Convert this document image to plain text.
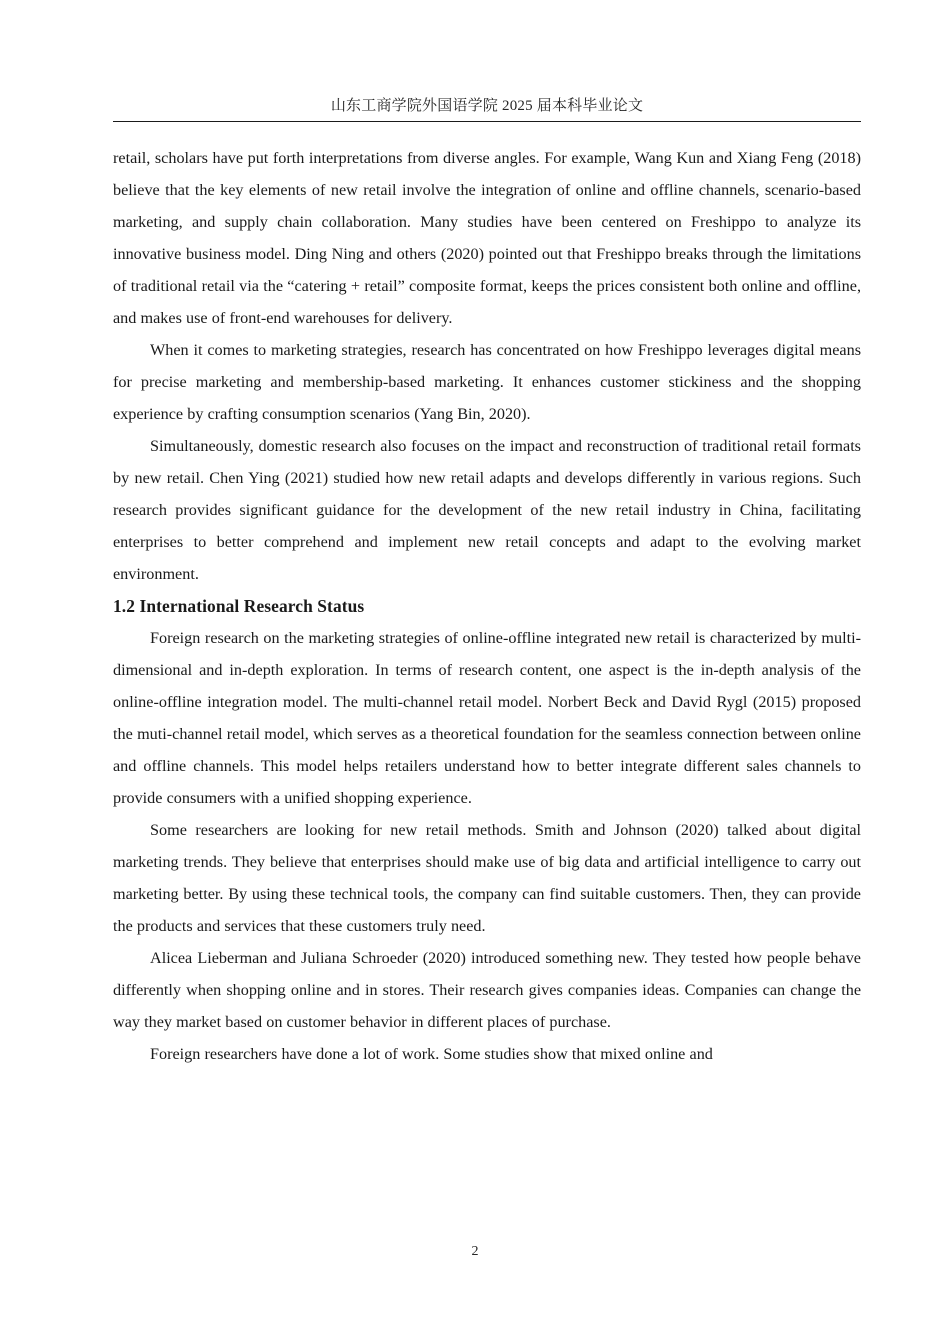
山东工商学院外国语学院 2025 届本科毕业论文

retail, scholars have put forth interpretations from diverse angles. For example, Wang Kun and Xiang Feng (2018) believe that the key elements of new retail involve the integration of online and offline channels, scenario-based marketing, and supply chain collaboration. Many studies have been centered on Freshippo to analyze its innovative business model. Ding Ning and others (2020) pointed out that Freshippo breaks through the limitations of traditional retail via the “catering + retail” composite format, keeps the prices consistent both online and offline, and makes use of front-end warehouses for delivery.

When it comes to marketing strategies, research has concentrated on how Freshippo leverages digital means for precise marketing and membership-based marketing. It enhances customer stickiness and the shopping experience by crafting consumption scenarios (Yang Bin, 2020).

Simultaneously, domestic research also focuses on the impact and reconstruction of traditional retail formats by new retail. Chen Ying (2021) studied how new retail adapts and develops differently in various regions. Such research provides significant guidance for the development of the new retail industry in China, facilitating enterprises to better comprehend and implement new retail concepts and adapt to the evolving market environment.

1.2 International Research Status

Foreign research on the marketing strategies of online-offline integrated new retail is characterized by multi-dimensional and in-depth exploration. In terms of research content, one aspect is the in-depth analysis of the online-offline integration model. The multi-channel retail model. Norbert Beck and David Rygl (2015) proposed the muti-channel retail model, which serves as a theoretical foundation for the seamless connection between online and offline channels. This model helps retailers understand how to better integrate different sales channels to provide consumers with a unified shopping experience.

Some researchers are looking for new retail methods. Smith and Johnson (2020) talked about digital marketing trends. They believe that enterprises should make use of big data and artificial intelligence to carry out marketing better. By using these technical tools, the company can find suitable customers. Then, they can provide the products and services that these customers truly need.

Alicea Lieberman and Juliana Schroeder (2020) introduced something new. They tested how people behave differently when shopping online and in stores. Their research gives companies ideas. Companies can change the way they market based on customer behavior in different places of purchase.

Foreign researchers have done a lot of work. Some studies show that mixed online and

2
